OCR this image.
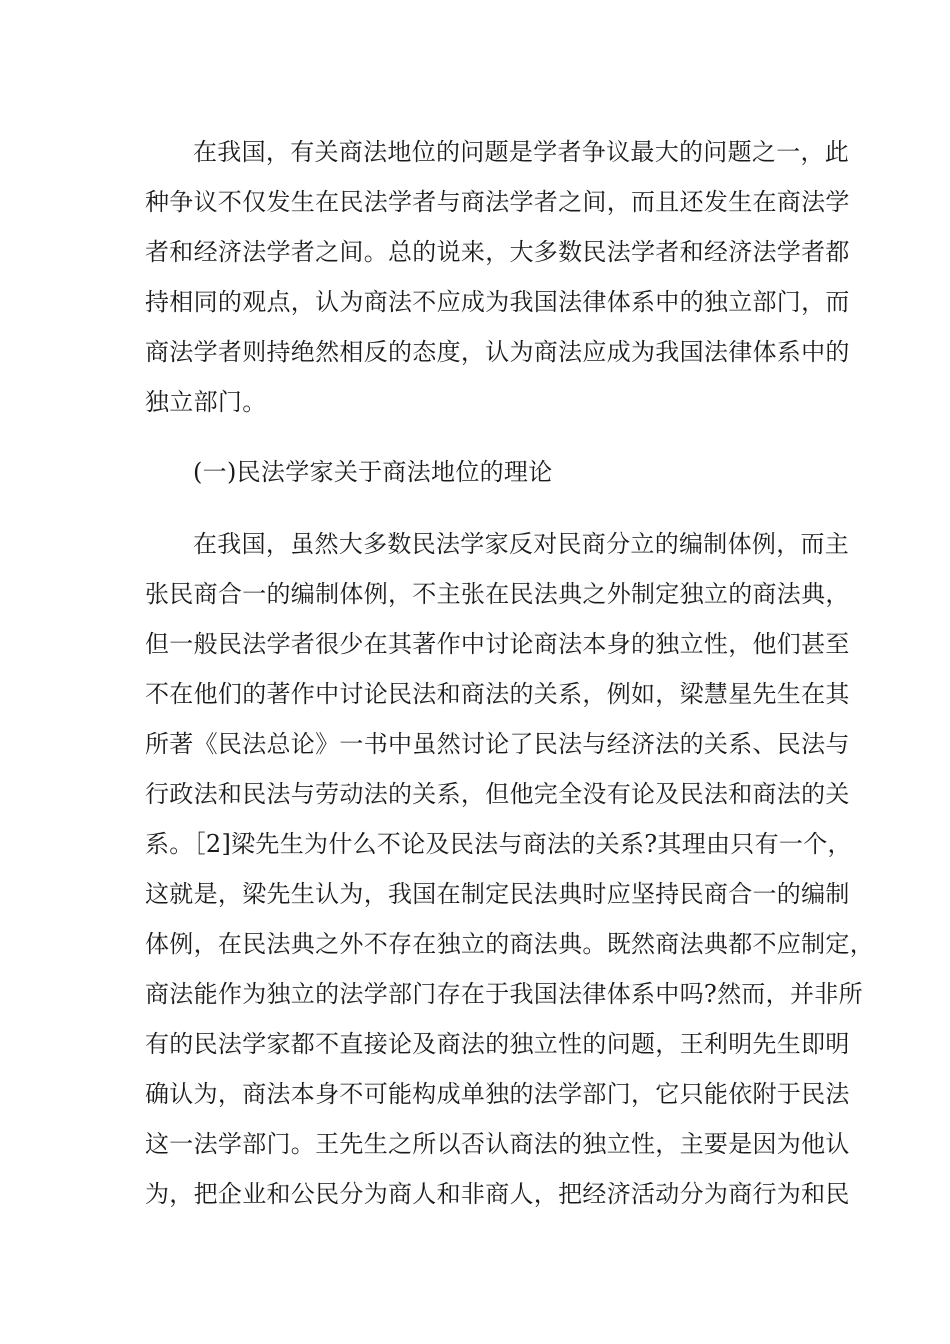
在我国，有关商法地位的问题是学者争议最大的问题之一，此
种争议不仅发生在民法学者与商法学者之间，而且还发生在商法学
者和经济法学者之间。总的说来，大多数民法学者和经济法学者都
持相同的观点，认为商法不应成为我国法律体系中的独立部门，而
商法学者则持绝然相反的态度，认为商法应成为我国法律体系中的
独立部门。
(一)民法学家关于商法地位的理论
在我国，虽然大多数民法学家反对民商分立的编制体例，而主
张民商合一的编制体例，不主张在民法典之外制定独立的商法典，
但一般民法学者很少在其著作中讨论商法本身的独立性，他们甚至
不在他们的著作中讨论民法和商法的关系，例如，梁慧星先生在其
所著《民法总论》一书中虽然讨论了民法与经济法的关系、民法与
行政法和民法与劳动法的关系，但他完全没有论及民法和商法的关
系。［2]梁先生为什么不论及民法与商法的关系?其理由只有一个，
这就是，梁先生认为，我国在制定民法典时应坚持民商合一的编制
体例，在民法典之外不存在独立的商法典。既然商法典都不应制定，
商法能作为独立的法学部门存在于我国法律体系中吗?然而，并非所
有的民法学家都不直接论及商法的独立性的问题，王利明先生即明
确认为，商法本身不可能构成单独的法学部门，它只能依附于民法
这一法学部门。王先生之所以否认商法的独立性，主要是因为他认
为，把企业和公民分为商人和非商人，把经济活动分为商行为和民
